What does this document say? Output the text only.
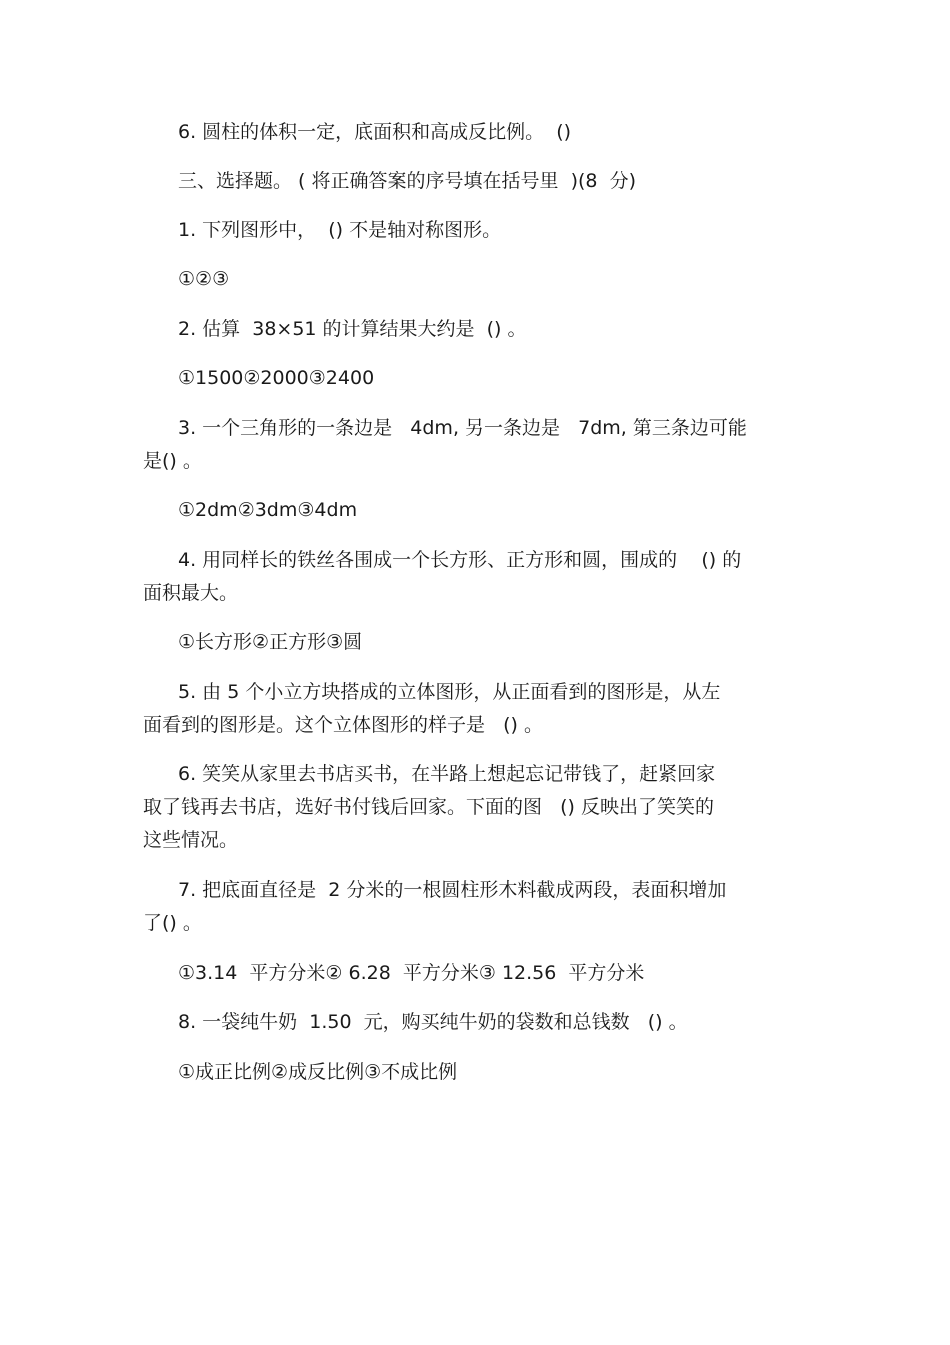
6. 圆柱的体积一定，底面积和高成反比例。  ()

三、选择题。 ( 将正确答案的序号填在括号里  )(8  分)

1. 下列图形中，  () 不是轴对称图形。

①②③

2. 估算  38×51 的计算结果大约是  () 。

①1500②2000③2400

3. 一个三角形的一条边是   4dm, 另一条边是   7dm, 第三条边可能

是() 。

①2dm②3dm③4dm

4. 用同样长的铁丝各围成一个长方形、正方形和圆，围成的    () 的

面积最大。

①长方形②正方形③圆

5. 由 5 个小立方块搭成的立体图形，从正面看到的图形是，从左

面看到的图形是。这个立体图形的样子是   () 。

6. 笑笑从家里去书店买书，在半路上想起忘记带钱了，赶紧回家

取了钱再去书店，选好书付钱后回家。下面的图   () 反映出了笑笑的

这些情况。

7. 把底面直径是  2 分米的一根圆柱形木料截成两段，表面积增加

了() 。

①3.14  平方分米② 6.28  平方分米③ 12.56  平方分米

8. 一袋纯牛奶  1.50  元，购买纯牛奶的袋数和总钱数   () 。

①成正比例②成反比例③不成比例
